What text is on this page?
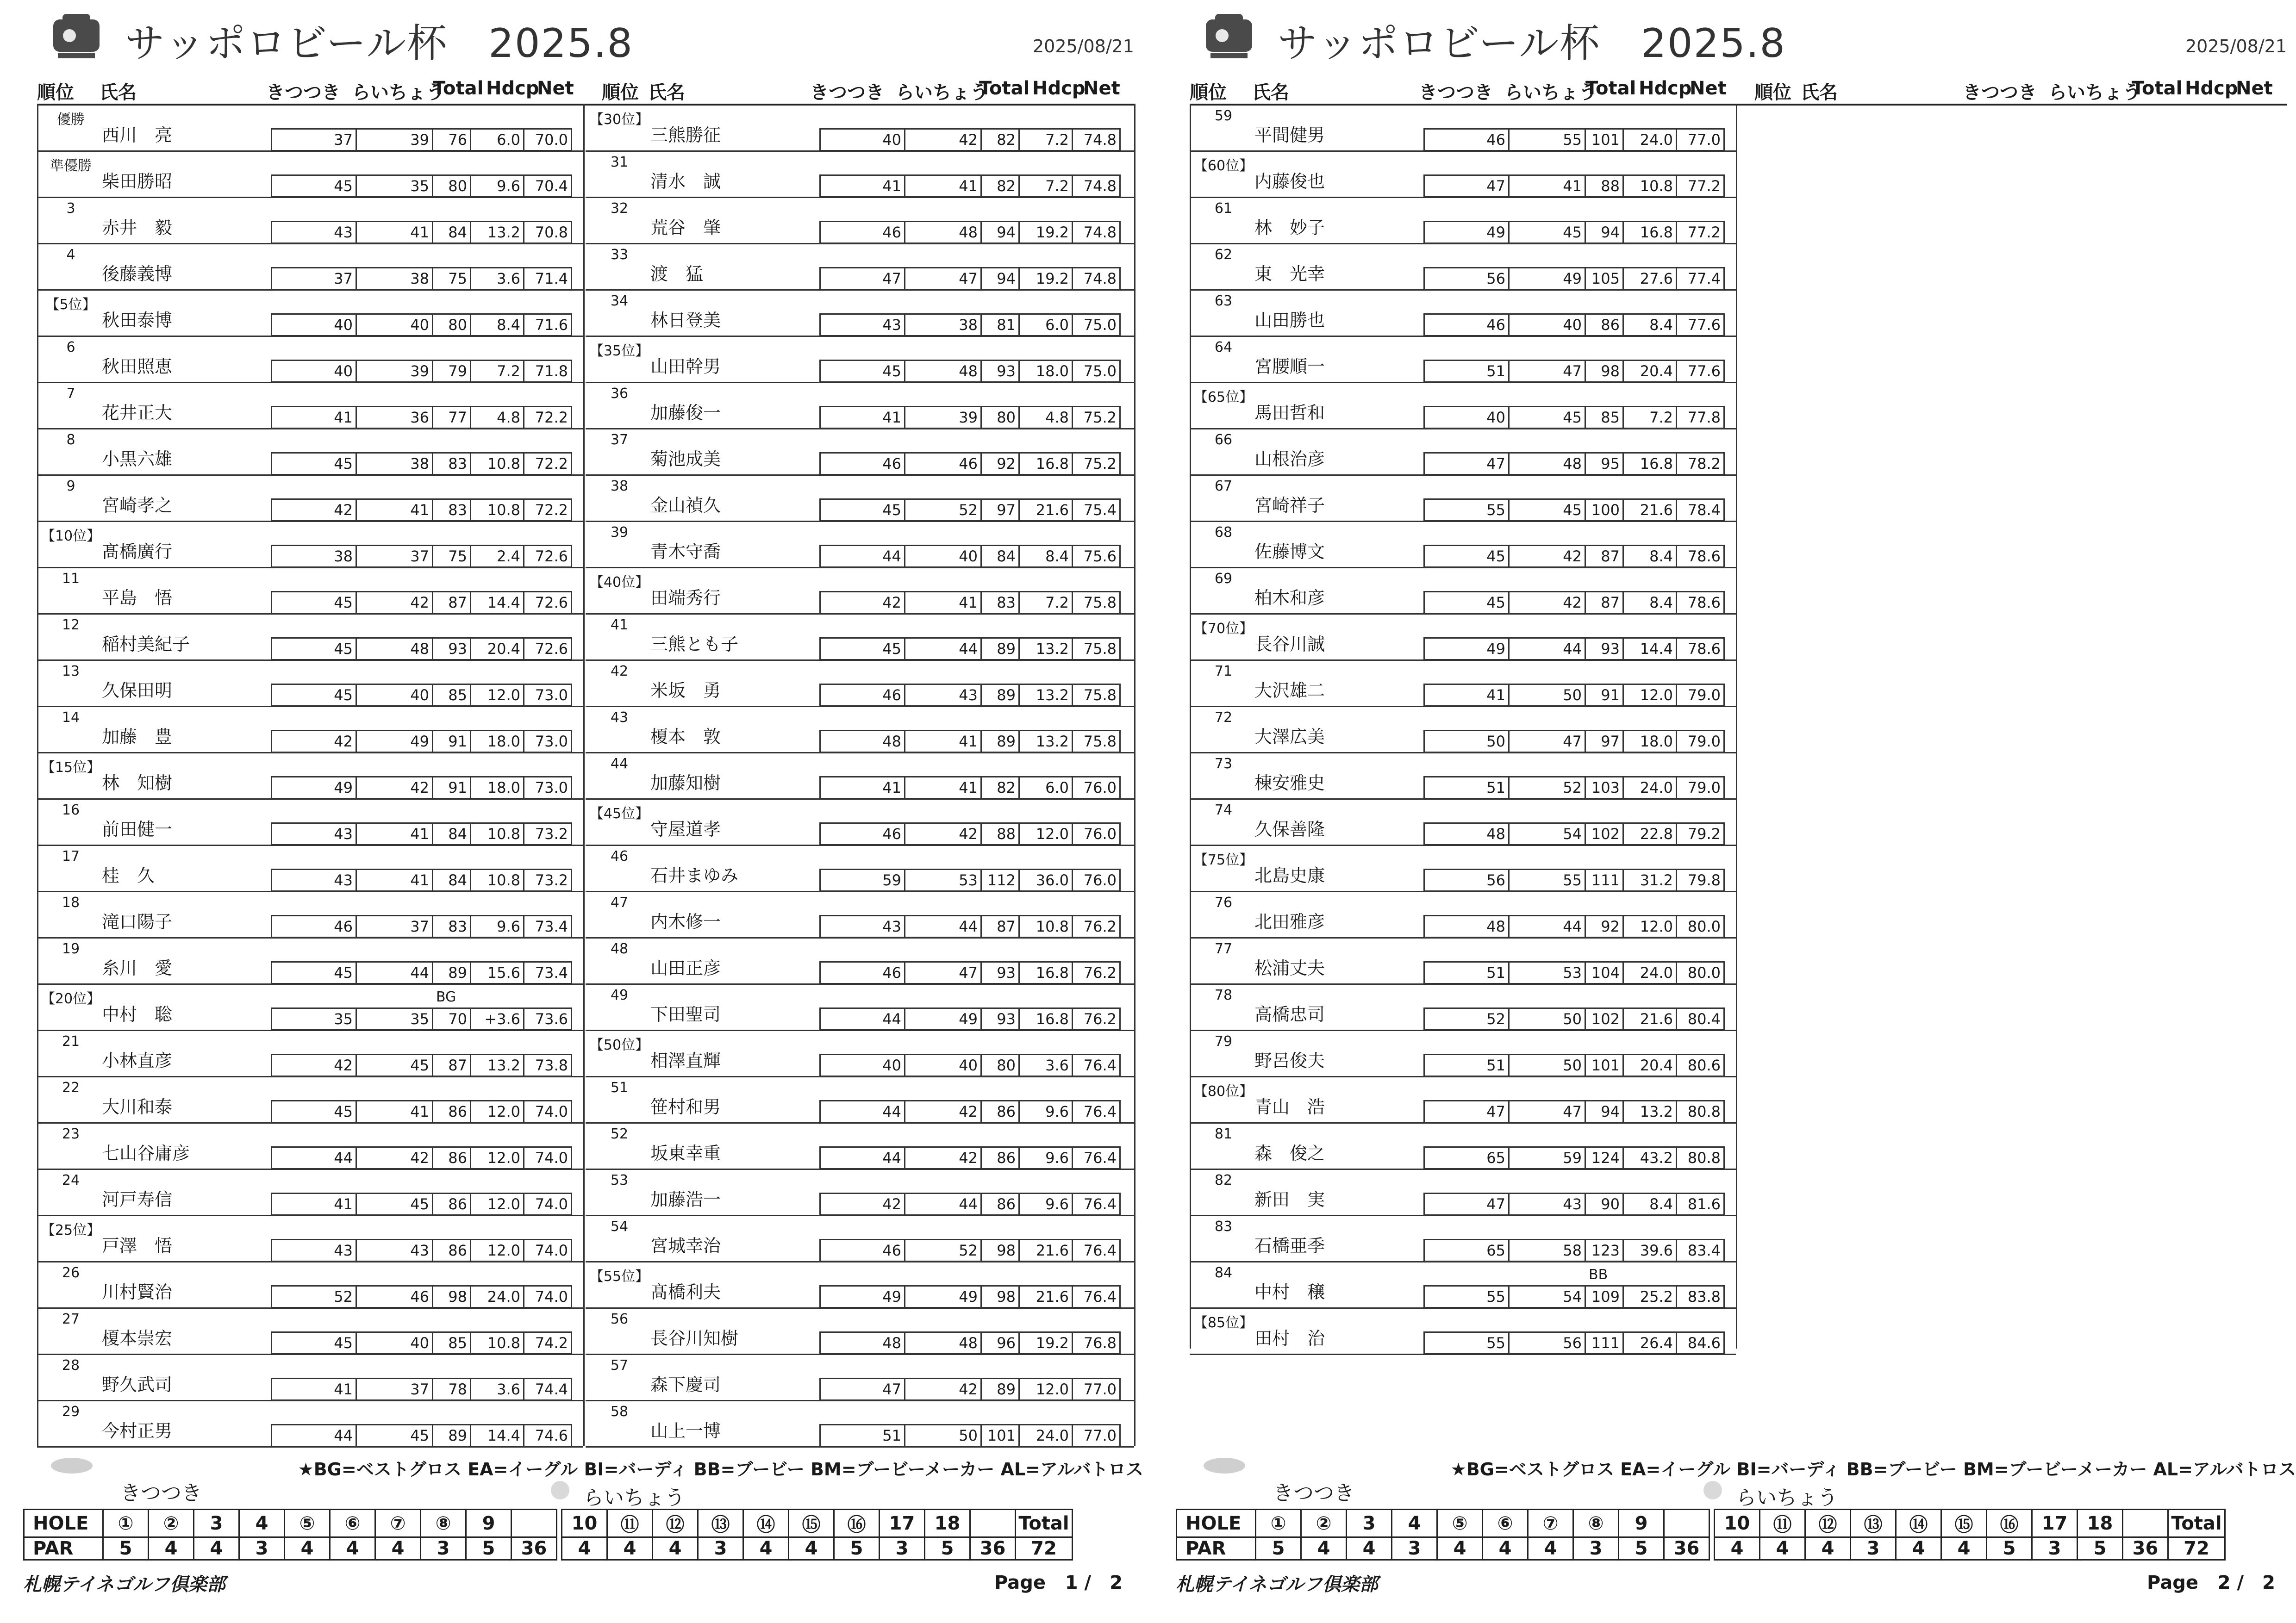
サッポロビール杯　2025.8	2025/08/21
順位 氏名	きつつき らいちょう
Total Hdcp
Net 順位 氏名	きつつき らいちょう
Total Hdcp
Net
優勝
西川　亮	37	39	76	6.0 70.0
準優勝
柴田勝昭	45	35	80	9.6 70.4
3
赤井　毅	43	41	84	13.2 70.8
4
後藤義博	37	38	75	3.6 71.4
【5位】
秋田泰博	40	40	80	8.4 71.6
6
秋田照恵	40	39	79	7.2 71.8
7
花井正大	41	36	77	4.8 72.2
8
小黒六雄	45	38	83	10.8 72.2
9
宮崎孝之	42	41	83	10.8 72.2
【10位】
髙橋廣行	38	37	75	2.4 72.6
11
平島　悟	45	42	87	14.4 72.6
12
稲村美紀子	45	48	93	20.4 72.6
13
久保田明	45	40	85	12.0 73.0
14
加藤　豊	42	49	91	18.0 73.0
【15位】
林　知樹	49	42	91	18.0 73.0
16
前田健一	43	41	84	10.8 73.2
17
桂　久	43	41	84	10.8 73.2
18
滝口陽子	46	37	83	9.6 73.4
19
糸川　愛	45	44	89	15.6 73.4
【20位】
中村　聡
BG
35	35	70	+3.6 73.6
21
小林直彦	42	45	87	13.2 73.8
22
大川和泰	45	41	86	12.0 74.0
23
七山谷庸彦	44	42	86	12.0 74.0
24
河戸寿信	41	45	86	12.0 74.0
【25位】
戸澤　悟	43	43	86	12.0 74.0
26
川村賢治	52	46	98	24.0 74.0
27
榎本崇宏	45	40	85	10.8 74.2
28
野久武司	41	37	78	3.6 74.4
29
今村正男	44	45	89	14.4 74.6
【30位】
三熊勝征	40	42	82	7.2 74.8
31
清水　誠	41	41	82	7.2 74.8
32
荒谷　肇	46	48	94	19.2 74.8
33
渡　猛	47	47	94	19.2 74.8
34
林日登美	43	38	81	6.0 75.0
【35位】
山田幹男	45	48	93	18.0 75.0
36
加藤俊一	41	39	80	4.8 75.2
37
菊池成美	46	46	92	16.8 75.2
38
金山禎久	45	52	97	21.6 75.4
39
青木守喬	44	40	84	8.4 75.6
【40位】
田端秀行	42	41	83	7.2 75.8
41
三熊とも子	45	44	89	13.2 75.8
42
米坂　勇	46	43	89	13.2 75.8
43
榎本　敦	48	41	89	13.2 75.8
44
加藤知樹	41	41	82	6.0 76.0
【45位】
守屋道孝	46	42	88	12.0 76.0
46
石井まゆみ	59	53 112	36.0 76.0
47
内木修一	43	44	87	10.8 76.2
48
山田正彦	46	47	93	16.8 76.2
49
下田聖司	44	49	93	16.8 76.2
【50位】
相澤直輝	40	40	80	3.6 76.4
51
笹村和男	44	42	86	9.6 76.4
52
坂東幸重	44	42	86	9.6 76.4
53
加藤浩一	42	44	86	9.6 76.4
54
宮城幸治	46	52	98	21.6 76.4
【55位】
髙橋利夫	49	49	98	21.6 76.4
56
長谷川知樹	48	48	96	19.2 76.8
57
森下慶司	47	42	89	12.0 77.0
58
山上一博	51	50 101	24.0 77.0
★BG=ベストグロス EA=イーグル BI=バーディ BB=ブービー BM=ブービーメーカー AL=アルバトロス
きつつき	らいちょう
HOLE	①	②	3	4	⑤	⑥	⑦	⑧	9			10	⑪	⑫	⑬	⑭	⑮	⑯	17	18		Total
PAR	5	4	4	3	4	4	4	3	5	36		4	4	4	3	4	4	5	3	5	36	72
札幌テイネゴルフ倶楽部	Page 1 /　2
サッポロビール杯　2025.8	2025/08/21
順位 氏名	きつつき らいちょう
Total Hdcp
Net 順位 氏名	きつつき らいちょう
Total Hdcp
Net
59
平間健男	46	55 101	24.0 77.0
【60位】
内藤俊也	47	41	88	10.8 77.2
61
林　妙子	49	45	94	16.8 77.2
62
東　光幸	56	49 105	27.6 77.4
63
山田勝也	46	40	86	8.4 77.6
64
宮腰順一	51	47	98	20.4 77.6
【65位】
馬田哲和	40	45	85	7.2 77.8
66
山根治彦	47	48	95	16.8 78.2
67
宮崎祥子	55	45 100	21.6 78.4
68
佐藤博文	45	42	87	8.4 78.6
69
柏木和彦	45	42	87	8.4 78.6
【70位】
長谷川誠	49	44	93	14.4 78.6
71
大沢雄二	41	50	91	12.0 79.0
72
大澤広美	50	47	97	18.0 79.0
73
棟安雅史	51	52 103	24.0 79.0
74
久保善隆	48	54 102	22.8 79.2
【75位】
北島史康	56	55 111	31.2 79.8
76
北田雅彦	48	44	92	12.0 80.0
77
松浦丈夫	51	53 104	24.0 80.0
78
高橋忠司	52	50 102	21.6 80.4
79
野呂俊夫	51	50 101	20.4 80.6
【80位】
青山　浩	47	47	94	13.2 80.8
81
森　俊之	65	59 124	43.2 80.8
82
新田　実	47	43	90	8.4 81.6
83
石橋亜季	65	58 123	39.6 83.4
84
中村　穣
BB
55	54 109	25.2 83.8
【85位】
田村　治	55	56 111	26.4 84.6
★BG=ベストグロス EA=イーグル BI=バーディ BB=ブービー BM=ブービーメーカー AL=アルバトロス
きつつき	らいちょう
HOLE	①	②	3	4	⑤	⑥	⑦	⑧	9			10	⑪	⑫	⑬	⑭	⑮	⑯	17	18		Total
PAR	5	4	4	3	4	4	4	3	5	36		4	4	4	3	4	4	5	3	5	36	72
札幌テイネゴルフ倶楽部	Page 2 /　2
